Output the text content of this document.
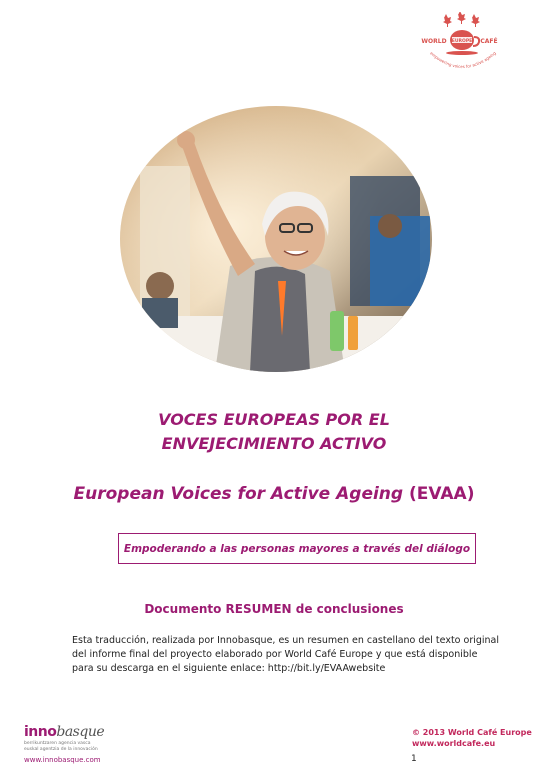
EUROPE
WORLD	CAFÉ
empowering voices for active ageing
VOCES EUROPEAS POR EL
ENVEJECIMIENTO ACTIVO
European Voices for Active Ageing (EVAA)
Empoderando a las personas mayores a través del diálogo
Documento RESUMEN de conclusiones
Esta traducción, realizada por Innobasque, es un resumen en castellano del texto original
del informe final del proyecto elaborado por World Café Europe y que está disponible
para su descarga en el siguiente enlace: http://bit.ly/EVAAwebsite
innobasque
berrikuntzaren agencia vasca
euskal agentzia de la innovación
www.innobasque.com
© 2013 World Café Europe
www.worldcafe.eu
1
